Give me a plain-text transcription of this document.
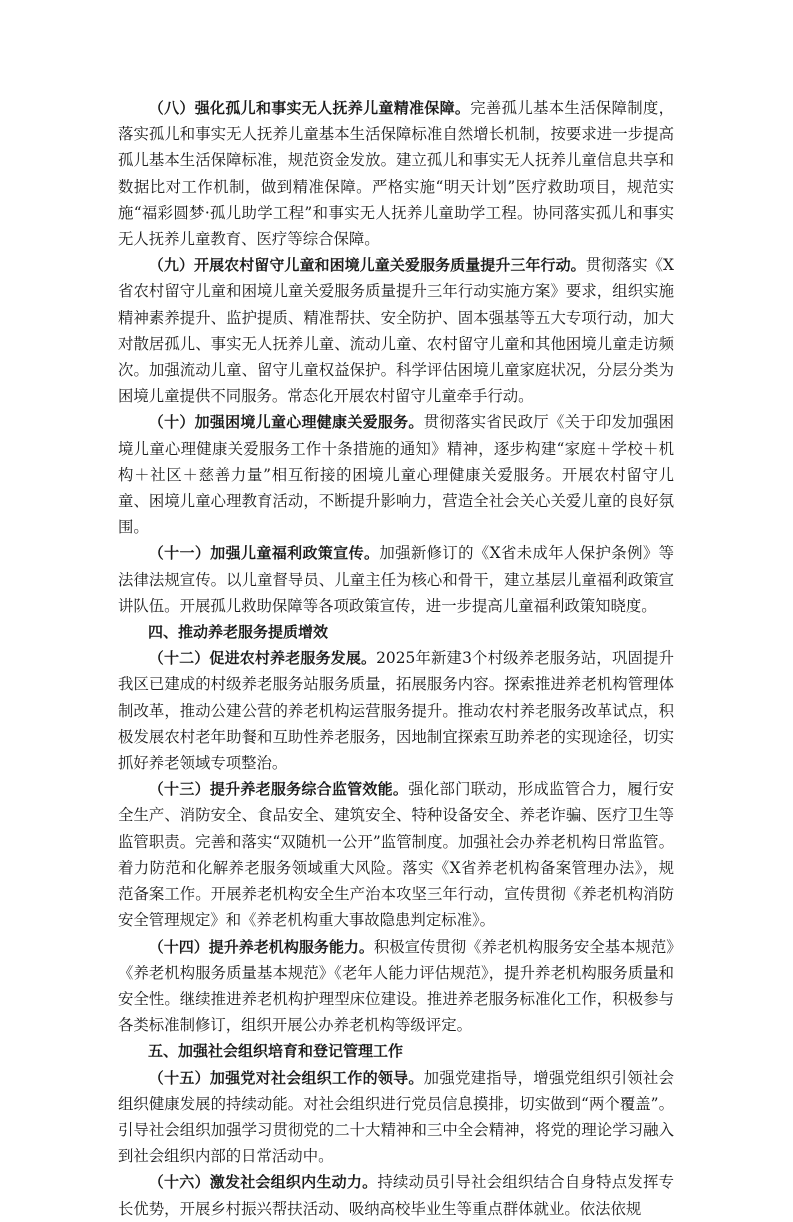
（八）强化孤儿和事实无人抚养儿童精准保障。完善孤儿基本生活保障制度，落实孤儿和事实无人抚养儿童基本生活保障标准自然增长机制，按要求进一步提高孤儿基本生活保障标准，规范资金发放。建立孤儿和事实无人抚养儿童信息共享和数据比对工作机制，做到精准保障。严格实施“明天计划”医疗救助项目，规范实施“福彩圆梦·孤儿助学工程”和事实无人抚养儿童助学工程。协同落实孤儿和事实无人抚养儿童教育、医疗等综合保障。

（九）开展农村留守儿童和困境儿童关爱服务质量提升三年行动。贯彻落实《X省农村留守儿童和困境儿童关爱服务质量提升三年行动实施方案》要求，组织实施精神素养提升、监护提质、精准帮扶、安全防护、固本强基等五大专项行动，加大对散居孤儿、事实无人抚养儿童、流动儿童、农村留守儿童和其他困境儿童走访频次。加强流动儿童、留守儿童权益保护。科学评估困境儿童家庭状况，分层分类为困境儿童提供不同服务。常态化开展农村留守儿童牵手行动。

（十）加强困境儿童心理健康关爱服务。贯彻落实省民政厅《关于印发加强困境儿童心理健康关爱服务工作十条措施的通知》精神，逐步构建“家庭＋学校＋机构＋社区＋慈善力量”相互衔接的困境儿童心理健康关爱服务。开展农村留守儿童、困境儿童心理教育活动，不断提升影响力，营造全社会关心关爱儿童的良好氛围。

（十一）加强儿童福利政策宣传。加强新修订的《X省未成年人保护条例》等法律法规宣传。以儿童督导员、儿童主任为核心和骨干，建立基层儿童福利政策宣讲队伍。开展孤儿救助保障等各项政策宣传，进一步提高儿童福利政策知晓度。

四、推动养老服务提质增效

（十二）促进农村养老服务发展。2025年新建3个村级养老服务站，巩固提升我区已建成的村级养老服务站服务质量，拓展服务内容。探索推进养老机构管理体制改革，推动公建公营的养老机构运营服务提升。推动农村养老服务改革试点，积极发展农村老年助餐和互助性养老服务，因地制宜探索互助养老的实现途径，切实抓好养老领域专项整治。

（十三）提升养老服务综合监管效能。强化部门联动，形成监管合力，履行安全生产、消防安全、食品安全、建筑安全、特种设备安全、养老诈骗、医疗卫生等监管职责。完善和落实“双随机一公开”监管制度。加强社会办养老机构日常监管。着力防范和化解养老服务领域重大风险。落实《X省养老机构备案管理办法》，规范备案工作。开展养老机构安全生产治本攻坚三年行动，宣传贯彻《养老机构消防安全管理规定》和《养老机构重大事故隐患判定标准》。

（十四）提升养老机构服务能力。积极宣传贯彻《养老机构服务安全基本规范》《养老机构服务质量基本规范》《老年人能力评估规范》，提升养老机构服务质量和安全性。继续推进养老机构护理型床位建设。推进养老服务标准化工作，积极参与各类标准制修订，组织开展公办养老机构等级评定。

五、加强社会组织培育和登记管理工作

（十五）加强党对社会组织工作的领导。加强党建指导，增强党组织引领社会组织健康发展的持续动能。对社会组织进行党员信息摸排，切实做到“两个覆盖”。引导社会组织加强学习贯彻党的二十大精神和三中全会精神，将党的理论学习融入到社会组织内部的日常活动中。

（十六）激发社会组织内生动力。持续动员引导社会组织结合自身特点发挥专长优势，开展乡村振兴帮扶活动、吸纳高校毕业生等重点群体就业。依法依规
